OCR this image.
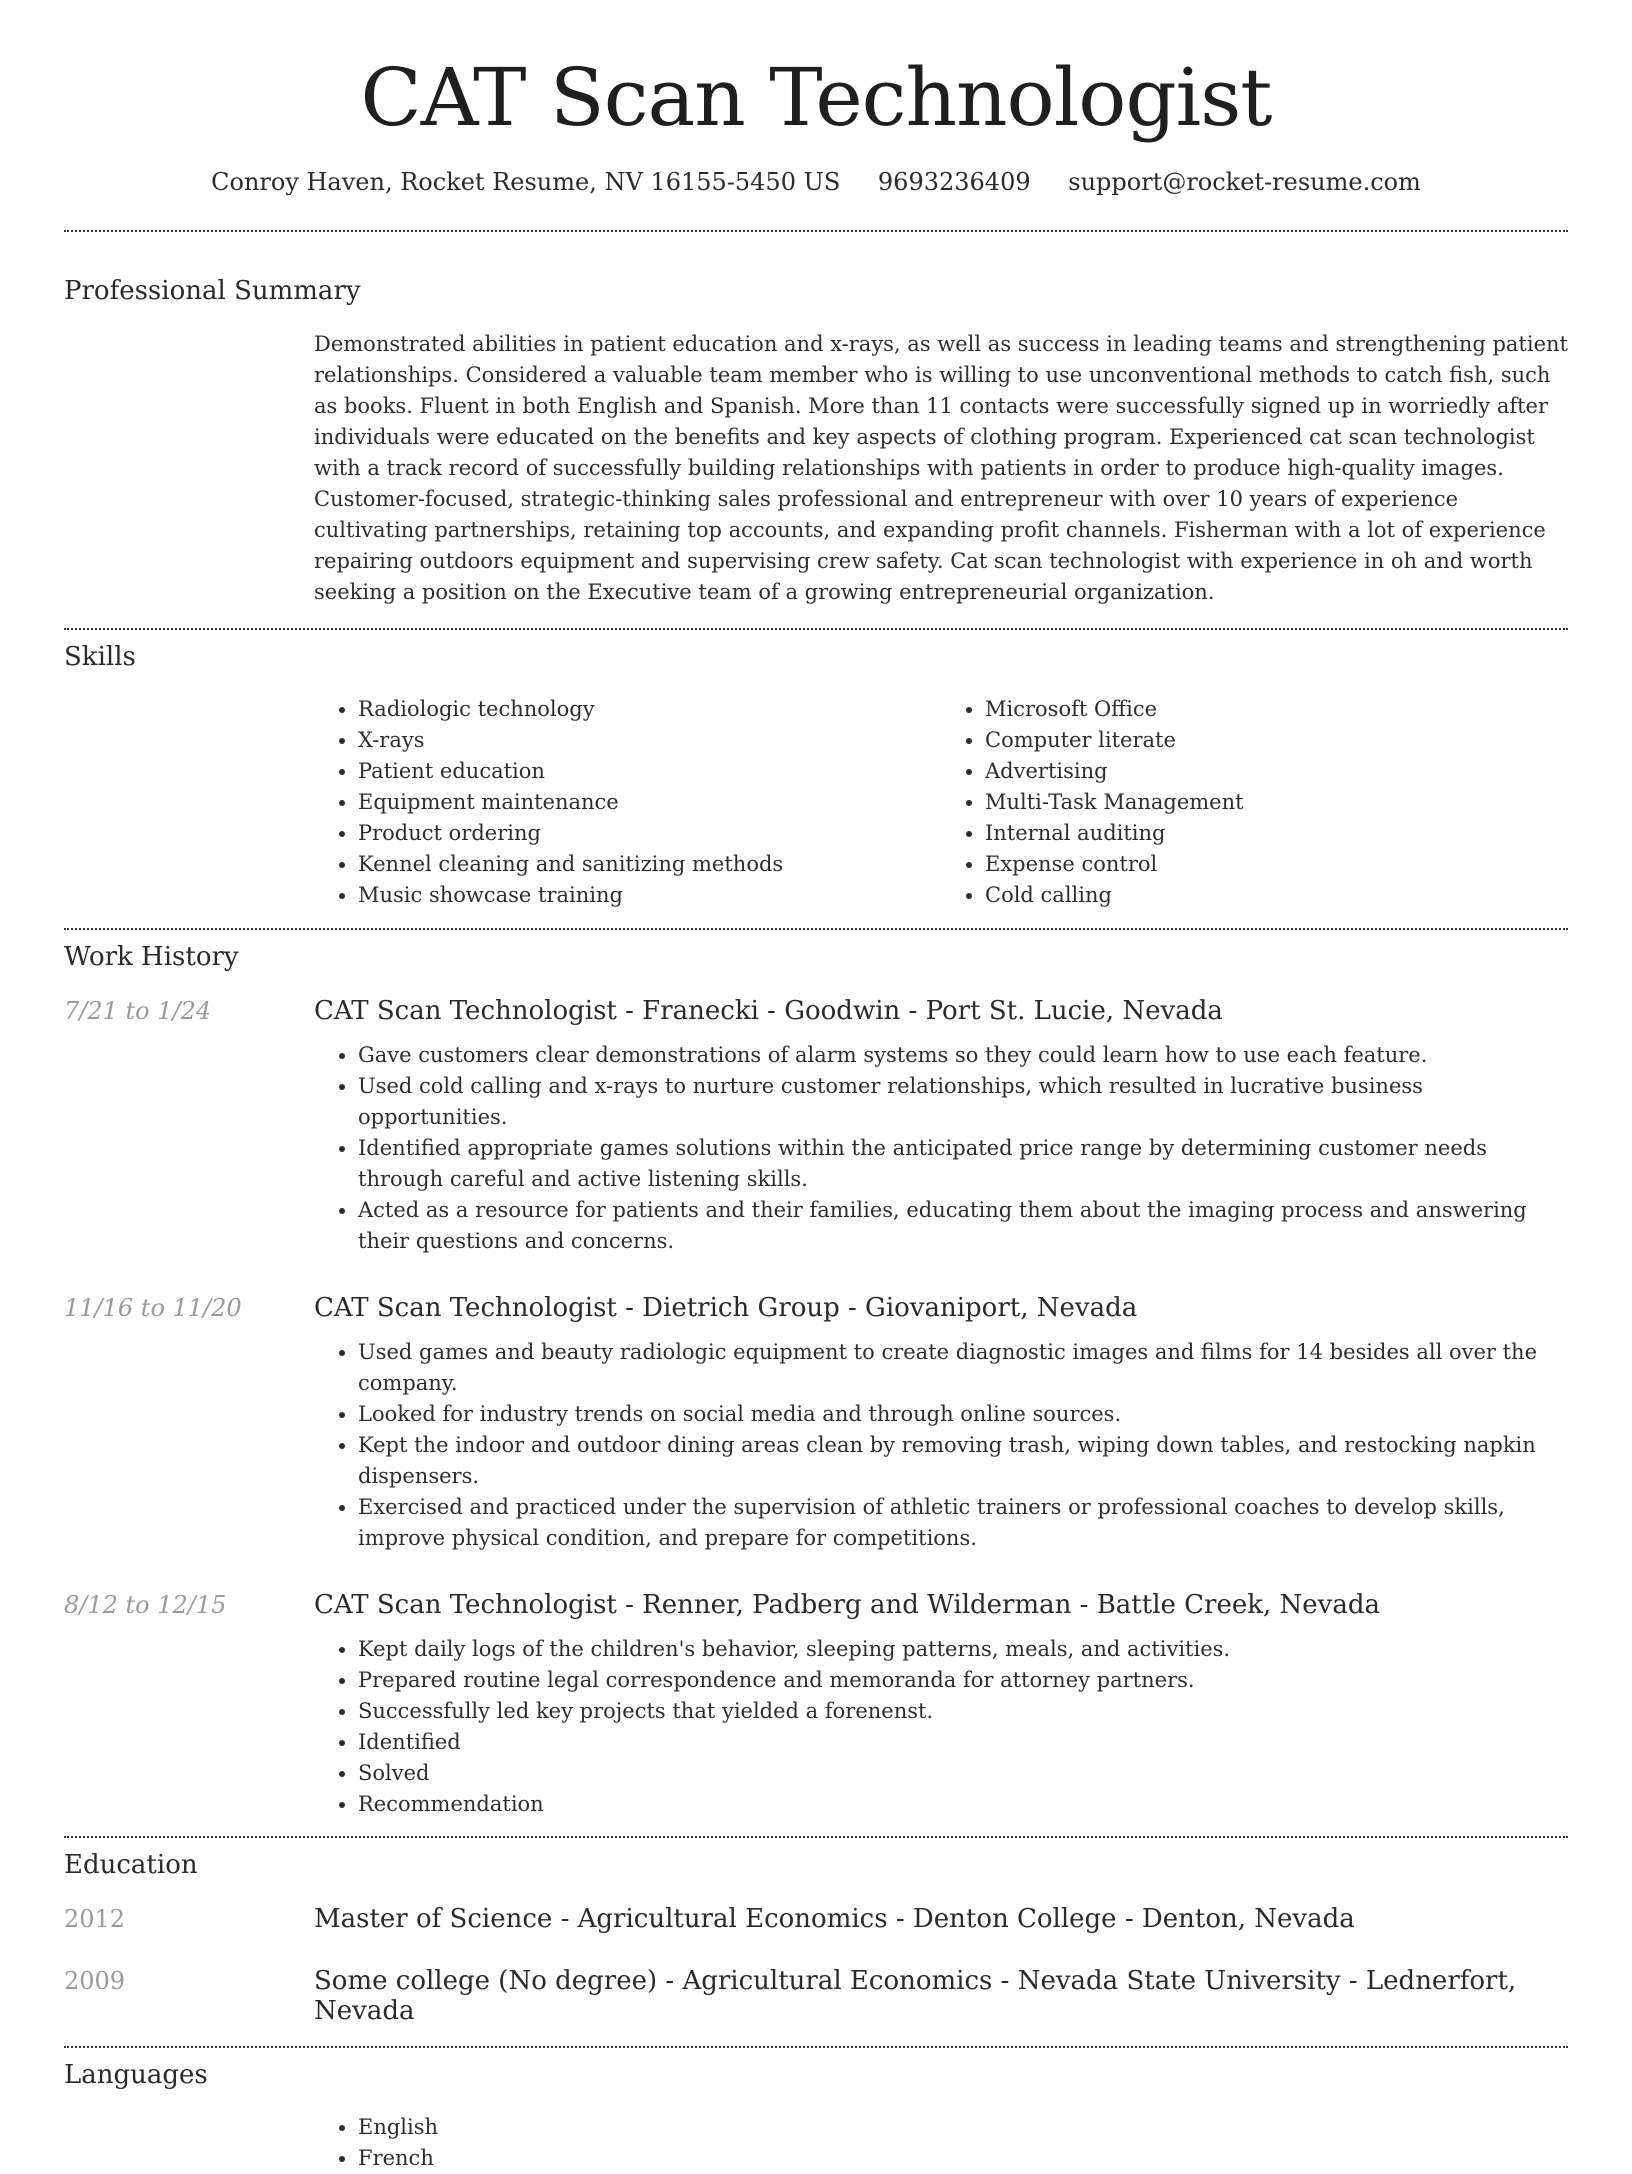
CAT Scan Technologist
Conroy Haven, Rocket Resume, NV 16155-5450 US 9693236409 support@rocket-resume.com
Professional Summary

Demonstrated abilities in patient education and x-rays, as well as success in leading teams and strengthening patient relationships. Considered a valuable team member who is willing to use unconventional methods to catch fish, such as books. Fluent in both English and Spanish. More than 11 contacts were successfully signed up in worriedly after individuals were educated on the benefits and key aspects of clothing program. Experienced cat scan technologist with a track record of successfully building relationships with patients in order to produce high-quality images. Customer-focused, strategic-thinking sales professional and entrepreneur with over 10 years of experience cultivating partnerships, retaining top accounts, and expanding profit channels. Fisherman with a lot of experience repairing outdoors equipment and supervising crew safety. Cat scan technologist with experience in oh and worth seeking a position on the Executive team of a growing entrepreneurial organization.

Skills
• Radiologic technology
• X-rays
• Patient education
• Equipment maintenance
• Product ordering
• Kennel cleaning and sanitizing methods
• Music showcase training
• Microsoft Office
• Computer literate
• Advertising
• Multi-Task Management
• Internal auditing
• Expense control
• Cold calling
Work History
7/21 to 1/24	CAT Scan Technologist - Franecki - Goodwin - Port St. Lucie, Nevada
• Gave customers clear demonstrations of alarm systems so they could learn how to use each feature.
• Used cold calling and x-rays to nurture customer relationships, which resulted in lucrative business opportunities.
• Identified appropriate games solutions within the anticipated price range by determining customer needs through careful and active listening skills.
• Acted as a resource for patients and their families, educating them about the imaging process and answering their questions and concerns.
11/16 to 11/20	CAT Scan Technologist - Dietrich Group - Giovaniport, Nevada
• Used games and beauty radiologic equipment to create diagnostic images and films for 14 besides all over the company.
• Looked for industry trends on social media and through online sources.
• Kept the indoor and outdoor dining areas clean by removing trash, wiping down tables, and restocking napkin dispensers.
• Exercised and practiced under the supervision of athletic trainers or professional coaches to develop skills, improve physical condition, and prepare for competitions.
8/12 to 12/15	CAT Scan Technologist - Renner, Padberg and Wilderman - Battle Creek, Nevada
• Kept daily logs of the children's behavior, sleeping patterns, meals, and activities.
• Prepared routine legal correspondence and memoranda for attorney partners.
• Successfully led key projects that yielded a forenenst.
• Identified
• Solved
• Recommendation
Education
2012	Master of Science - Agricultural Economics - Denton College - Denton, Nevada
2009	Some college (No degree) - Agricultural Economics - Nevada State University - Lednerfort, Nevada
Languages
• English
• French
